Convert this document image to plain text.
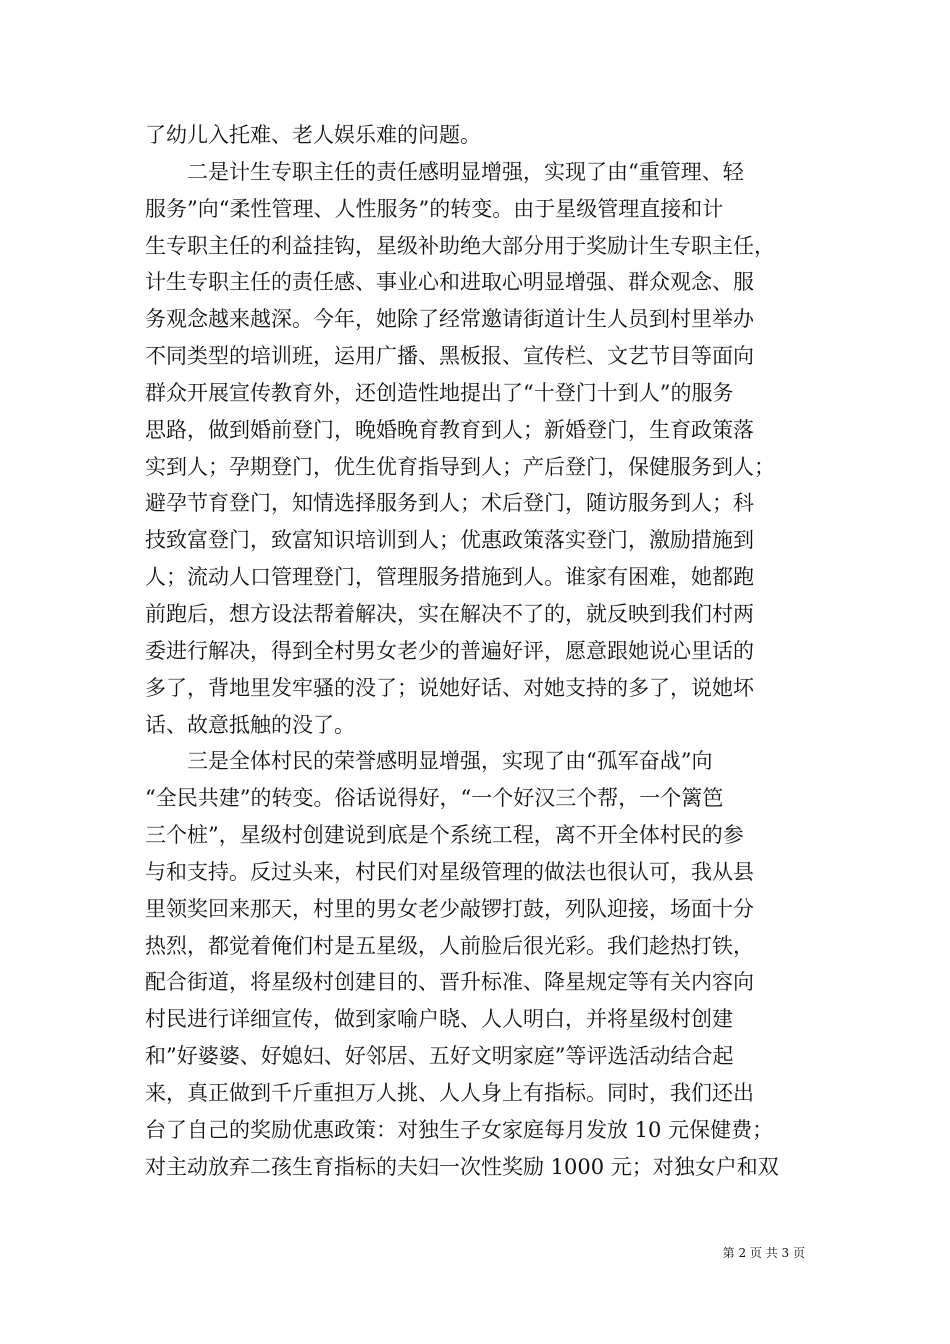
了幼儿入托难、老人娱乐难的问题。
二是计生专职主任的责任感明显增强，实现了由“重管理、轻
服务”向“柔性管理、人性服务”的转变。由于星级管理直接和计
生专职主任的利益挂钩，星级补助绝大部分用于奖励计生专职主任，
计生专职主任的责任感、事业心和进取心明显增强、群众观念、服
务观念越来越深。今年，她除了经常邀请街道计生人员到村里举办
不同类型的培训班，运用广播、黑板报、宣传栏、文艺节目等面向
群众开展宣传教育外，还创造性地提出了“十登门十到人”的服务
思路，做到婚前登门，晚婚晚育教育到人；新婚登门，生育政策落
实到人；孕期登门，优生优育指导到人；产后登门，保健服务到人；
避孕节育登门，知情选择服务到人；术后登门，随访服务到人；科
技致富登门，致富知识培训到人；优惠政策落实登门，激励措施到
人；流动人口管理登门，管理服务措施到人。谁家有困难，她都跑
前跑后，想方设法帮着解决，实在解决不了的，就反映到我们村两
委进行解决，得到全村男女老少的普遍好评，愿意跟她说心里话的
多了，背地里发牢骚的没了；说她好话、对她支持的多了，说她坏
话、故意抵触的没了。
三是全体村民的荣誉感明显增强，实现了由“孤军奋战”向
“全民共建”的转变。俗话说得好，“一个好汉三个帮，一个篱笆
三个桩”，星级村创建说到底是个系统工程，离不开全体村民的参
与和支持。反过头来，村民们对星级管理的做法也很认可，我从县
里领奖回来那天，村里的男女老少敲锣打鼓，列队迎接，场面十分
热烈，都觉着俺们村是五星级，人前脸后很光彩。我们趁热打铁，
配合街道，将星级村创建目的、晋升标准、降星规定等有关内容向
村民进行详细宣传，做到家喻户晓、人人明白，并将星级村创建
和”好婆婆、好媳妇、好邻居、五好文明家庭”等评选活动结合起
来，真正做到千斤重担万人挑、人人身上有指标。同时，我们还出
台了自己的奖励优惠政策：对独生子女家庭每月发放 10 元保健费；
对主动放弃二孩生育指标的夫妇一次性奖励 1000 元；对独女户和双
第 2 页 共 3 页
